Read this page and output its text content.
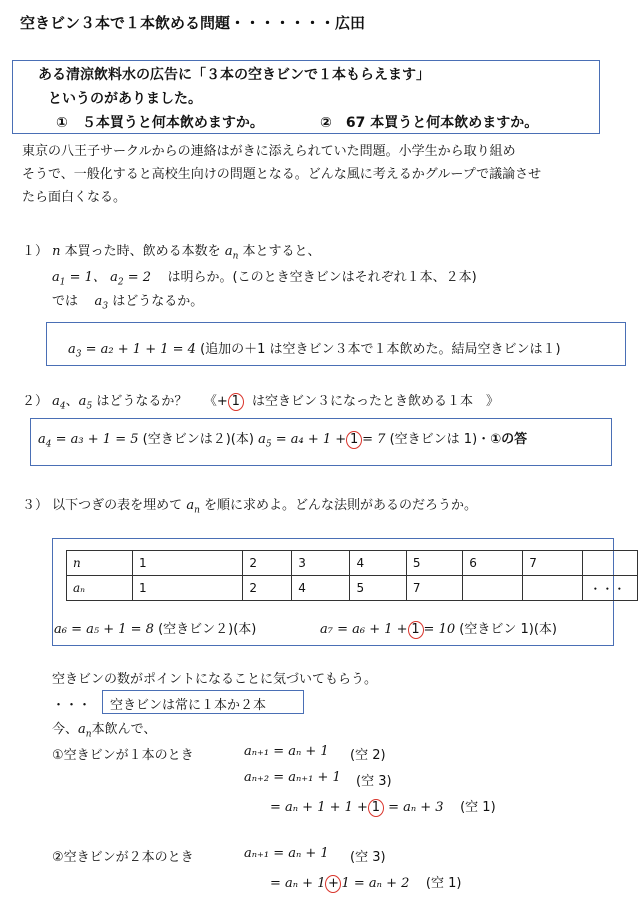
空きビン３本で１本飲める問題・・・・・・・広田
ある清涼飲料水の広告に「３本の空きビンで１本もらえます」
というのがありました。
①　５本買うと何本飲めますか。	②　67 本買うと何本飲めますか。
東京の八王子サークルからの連絡はがきに添えられていた問題。小学生から取り組め
そうで、一般化すると高校生向けの問題となる。どんな風に考えるかグループで議論させ
たら面白くなる。
１） n 本買った時、飲める本数を $a_n$ 本とすると、
$a_1 = 1$、 $a_2 = 2$ は明らか。(このとき空きビンはそれぞれ１本、２本)
では $a_3$ はどうなるか。
$a_3 = a_2 + 1 + 1 = 4$ (追加の＋1 は空きビン３本で１本飲めた。結局空きビンは１)
２） $a_4$、$a_5$ はどうなるか？ 《+ 1 は空きビン３になったとき飲める１本　》
$a_4 = a_3 + 1 = 5$ (空きビンは２)(本) $a_5 = a_4 + 1 + 1 = 7$ (空きビンは 1)・①の答
３） 以下つぎの表を埋めて $a_n$ を順に求めよ。どんな法則があるのだろうか。
n	1	2	3	4	5	6	7	
aₙ	1	2	4	5	7			・・・
a₆ = a₅ + 1 = 8 (空きビン２)(本)	a₇ = a₆ + 1 + 1 = 10 (空きビン 1)(本)
空きビンの数がポイントになることに気づいてもらう。
・・・ 空きビンは常に１本か２本
今、$a_n$本飲んで、
①空きビンが１本のとき	aₙ₊₁ = aₙ + 1 (空 2)
aₙ₊₂ = aₙ₊₁ + 1 (空 3)
= aₙ + 1 + 1 + 1 = aₙ + 3 (空 1)
②空きビンが２本のとき	aₙ₊₁ = aₙ + 1 (空 3)
= aₙ + 1 + 1 = aₙ + 2 (空 1)
